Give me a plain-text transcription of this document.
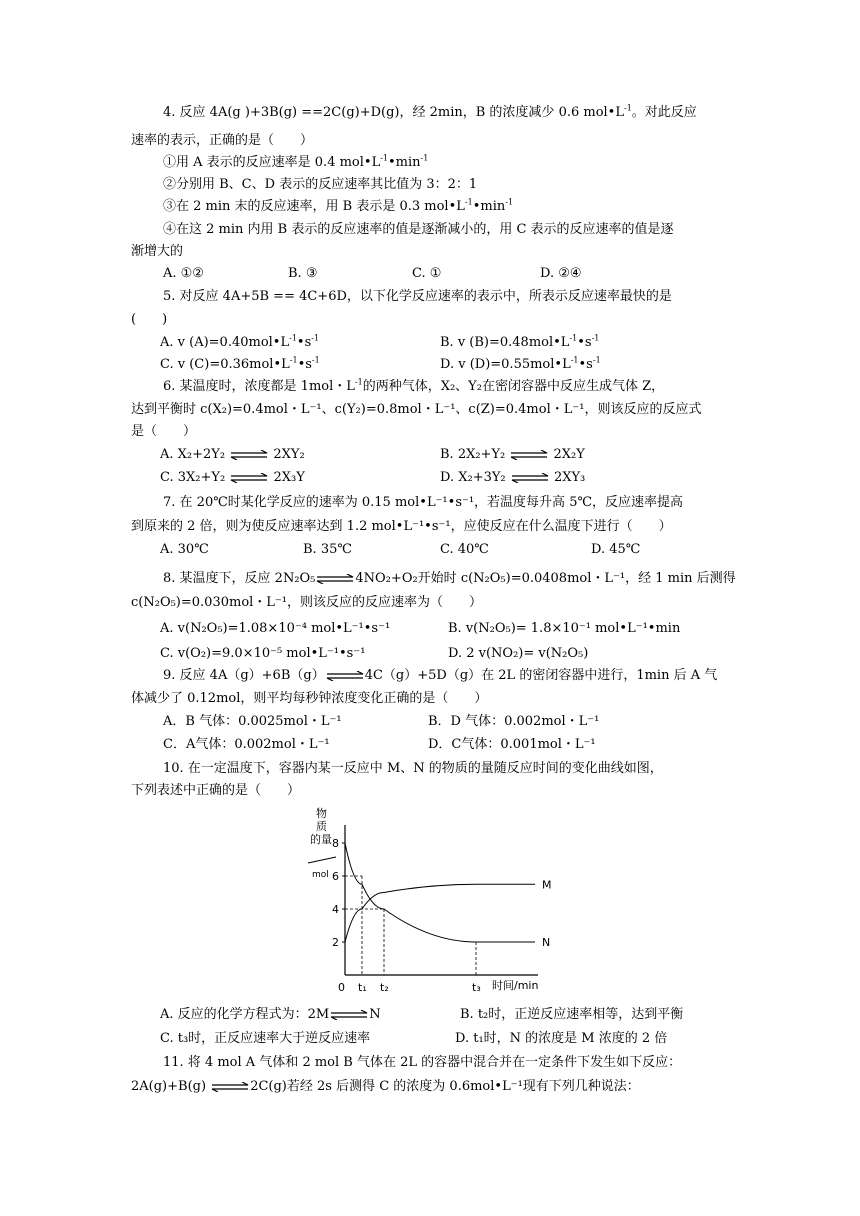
4. 反应 4A(g )+3B(g) ==2C(g)+D(g)，经 2min，B 的浓度减少 0.6 $mol•L^{-1}$。对此反应
速率的表示，正确的是（　　）
①用 A 表示的反应速率是 0.4 $mol•L^{-1}•\min^{-1}$
②分别用 B、C、D 表示的反应速率其比值为 3：2：1
③在 2 min 末的反应速率，用 B 表示是 0.3 $mol•L^{-1}•\min^{-1}$
④在这 2 min 内用 B 表示的反应速率的值是逐渐减小的，用 C 表示的反应速率的值是逐
渐增大的
A. ①②	B. ③	C. ①	D. ②④
5. 对反应 4A+5B == 4C+6D，以下化学反应速率的表示中，所表示反应速率最快的是
(　　)
A. v $(A)=0.40mol•L^{-1}•s^{-1}$	B. v $(B)=0.48mol•L^{-1}•s^{-1}$
C. v $(C)=0.36mol•L^{-1}•s^{-1}$	D. v $(D)=0.55mol•L^{-1}•s^{-1}$
6. 某温度时，浓度都是 1mol・$L^{-1}$的两种气体，X₂、Y₂在密闭容器中反应生成气体 Z，
达到平衡时 c(X₂)=0.4mol・L⁻¹、c(Y₂)=0.8mol・L⁻¹、c(Z)=0.4mol・L⁻¹，则该反应的反应式
是（　　）
A. X₂+2Y₂ ⇌ 2XY₂	B. 2X₂+Y₂ ⇌ 2X₂Y
C. 3X₂+Y₂ ⇌ 2X₃Y	D. X₂+3Y₂ ⇌ 2XY₃
7. 在 20℃时某化学反应的速率为 0.15 mol•L⁻¹•s⁻¹，若温度每升高 5℃，反应速率提高
到原来的 2 倍，则为使反应速率达到 1.2 mol•L⁻¹•s⁻¹，应使反应在什么温度下进行（　　）
A. 30℃	B. 35℃	C. 40℃	D. 45℃
8. 某温度下，反应 2N₂O₅⇌4NO₂+O₂开始时 c(N₂O₅)=0.0408mol・L⁻¹，经 1 min 后测得
c(N₂O₅)=0.030mol・L⁻¹，则该反应的反应速率为（　　）
A. v(N₂O₅)=1.08×10⁻⁴ mol•L⁻¹•s⁻¹	B. v(N₂O₅)= 1.8×10⁻¹ mol•L⁻¹•min
C. v(O₂)=9.0×10⁻⁵ mol•L⁻¹•s⁻¹	D. 2 v(NO₂)= v(N₂O₅)
9. 反应 4A（g）+6B（g）⇌4C（g）+5D（g）在 2L 的密闭容器中进行，1min 后 A 气
体减少了 0.12mol，则平均每秒钟浓度变化正确的是（　　）
A．B 气体：0.0025mol・L⁻¹	B．D 气体：0.002mol・L⁻¹
C．A气体：0.002mol・L⁻¹	D．C气体：0.001mol・L⁻¹
10. 在一定温度下，容器内某一反应中 M、N 的物质的量随反应时间的变化曲线如图，
下列表述中正确的是（　　）
物
质
的量
mol
2
4
6
8
0 t₁ t₂	t₃
M
N
时间/min
A. 反应的化学方程式为：2M⇌N	B. t₂时，正逆反应速率相等，达到平衡
C. t₃时，正反应速率大于逆反应速率	D. t₁时，N 的浓度是 M 浓度的 2 倍
11. 将 4 mol A 气体和 2 mol B 气体在 2L 的容器中混合并在一定条件下发生如下反应：
2A(g)+B(g) ⇌2C(g)若经 2s 后测得 C 的浓度为 0.6mol•L⁻¹现有下列几种说法：
